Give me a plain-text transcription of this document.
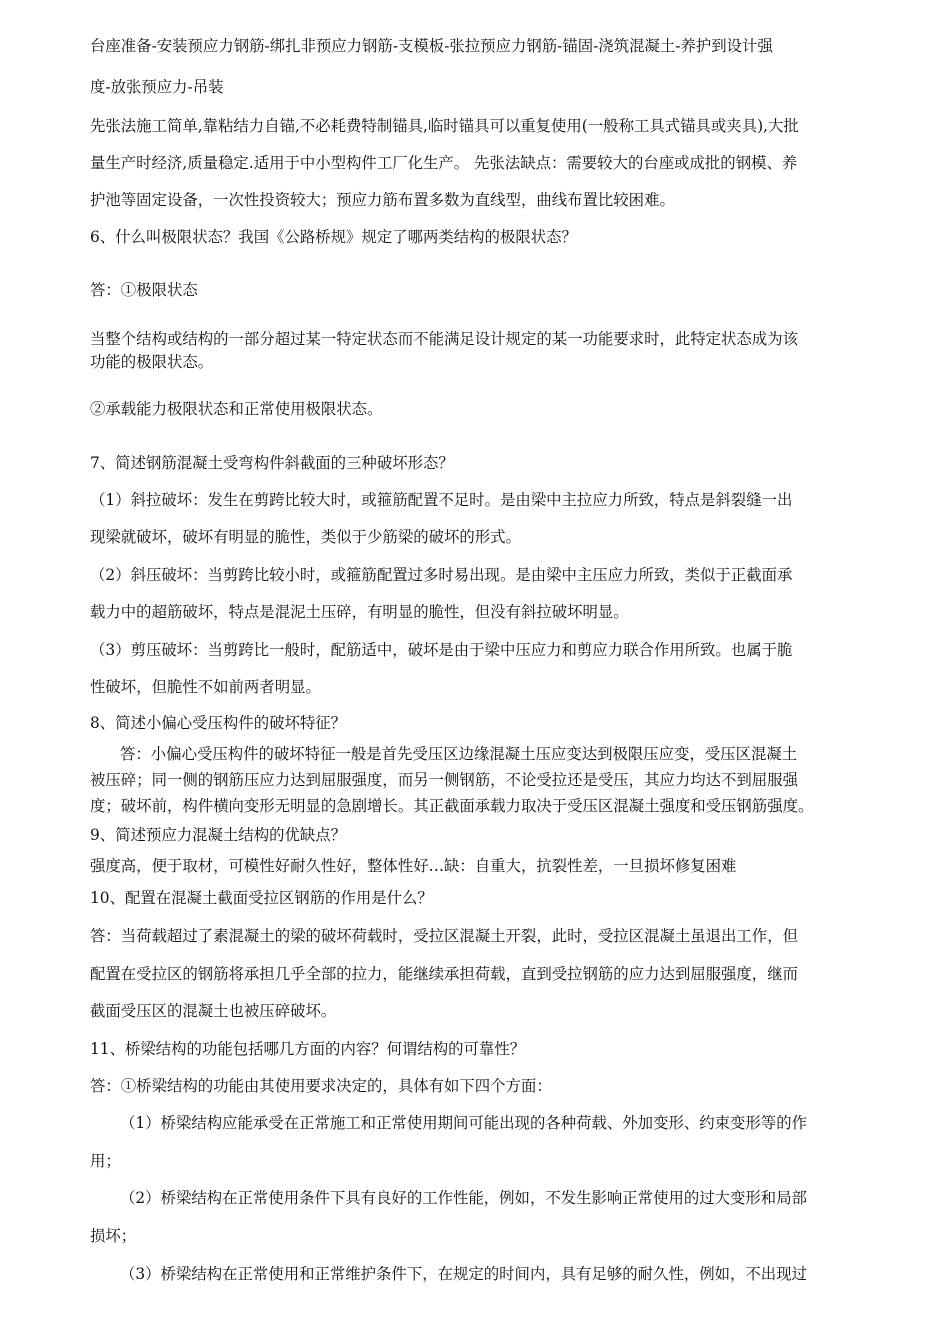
台座准备-安装预应力钢筋-绑扎非预应力钢筋-支模板-张拉预应力钢筋-锚固-浇筑混凝土-养护到设计强

度-放张预应力-吊装

先张法施工简单,靠粘结力自锚,不必耗费特制锚具,临时锚具可以重复使用(一般称工具式锚具或夹具),大批

量生产时经济,质量稳定.适用于中小型构件工厂化生产。 先张法缺点：需要较大的台座或成批的钢模、养

护池等固定设备，一次性投资较大；预应力筋布置多数为直线型，曲线布置比较困难。

6、什么叫极限状态？我国《公路桥规》规定了哪两类结构的极限状态？

答：①极限状态

当整个结构或结构的一部分超过某一特定状态而不能满足设计规定的某一功能要求时，此特定状态成为该

功能的极限状态。

②承载能力极限状态和正常使用极限状态。

7、简述钢筋混凝土受弯构件斜截面的三种破坏形态？

（1）斜拉破坏：发生在剪跨比较大时，或箍筋配置不足时。是由梁中主拉应力所致，特点是斜裂缝一出

现梁就破坏，破坏有明显的脆性，类似于少筋梁的破坏的形式。

（2）斜压破坏：当剪跨比较小时，或箍筋配置过多时易出现。是由梁中主压应力所致，类似于正截面承

载力中的超筋破坏，特点是混泥土压碎，有明显的脆性，但没有斜拉破坏明显。

（3）剪压破坏：当剪跨比一般时，配筋适中，破坏是由于梁中压应力和剪应力联合作用所致。也属于脆

性破坏，但脆性不如前两者明显。

8、简述小偏心受压构件的破坏特征？

答：小偏心受压构件的破坏特征一般是首先受压区边缘混凝土压应变达到极限压应变，受压区混凝土

被压碎；同一侧的钢筋压应力达到屈服强度，而另一侧钢筋，不论受拉还是受压，其应力均达不到屈服强

度；破坏前，构件横向变形无明显的急剧增长。其正截面承载力取决于受压区混凝土强度和受压钢筋强度。

9、简述预应力混凝土结构的优缺点？

强度高，便于取材，可模性好耐久性好，整体性好…缺：自重大，抗裂性差，一旦损坏修复困难

10、配置在混凝土截面受拉区钢筋的作用是什么？

答：当荷载超过了素混凝土的梁的破坏荷载时，受拉区混凝土开裂，此时，受拉区混凝土虽退出工作，但

配置在受拉区的钢筋将承担几乎全部的拉力，能继续承担荷载，直到受拉钢筋的应力达到屈服强度，继而

截面受压区的混凝土也被压碎破坏。

11、桥梁结构的功能包括哪几方面的内容？何谓结构的可靠性？

答：①桥梁结构的功能由其使用要求决定的，具体有如下四个方面：

（1）桥梁结构应能承受在正常施工和正常使用期间可能出现的各种荷载、外加变形、约束变形等的作

用；

（2）桥梁结构在正常使用条件下具有良好的工作性能，例如，不发生影响正常使用的过大变形和局部

损坏；

（3）桥梁结构在正常使用和正常维护条件下，在规定的时间内，具有足够的耐久性，例如，不出现过
